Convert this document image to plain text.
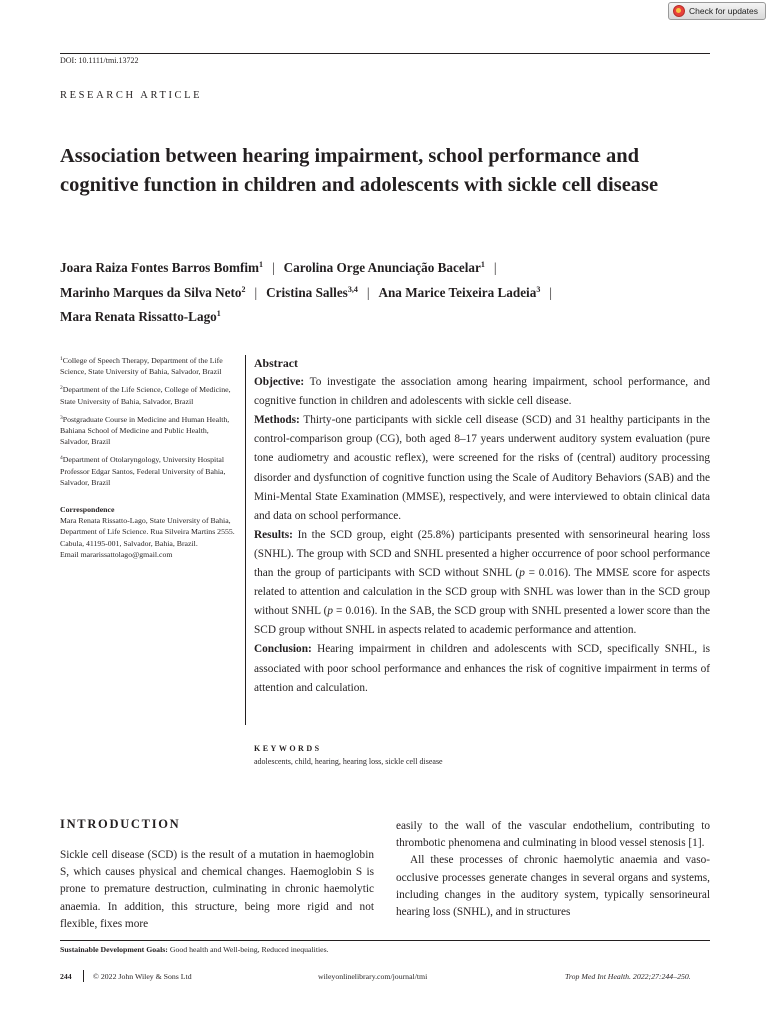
Check for updates
DOI: 10.1111/tmi.13722
RESEARCH ARTICLE
Association between hearing impairment, school performance and cognitive function in children and adolescents with sickle cell disease
Joara Raiza Fontes Barros Bomfim$^1$ | Carolina Orge Anunciação Bacelar$^1$ |
Marinho Marques da Silva Neto$^2$ | Cristina Salles$^{3,4}$ | Ana Marice Teixeira Ladeia$^3$ |
Mara Renata Rissatto-Lago$^1$

$^1$College of Speech Therapy, Department of the Life Science, State University of Bahia, Salvador, Brazil

$^2$Department of the Life Science, College of Medicine, State University of Bahia, Salvador, Brazil

$^3$Postgraduate Course in Medicine and Human Health, Bahiana School of Medicine and Public Health, Salvador, Brazil

$^4$Department of Otolaryngology, University Hospital Professor Edgar Santos, Federal University of Bahia, Salvador, Brazil

Correspondence

Mara Renata Rissatto-Lago, State University of Bahia, Department of Life Science. Rua Silveira Martins 2555. Cabula, 41195-001, Salvador, Bahia, Brazil.
Email mararissattolago@gmail.com

Abstract

Objective: To investigate the association among hearing impairment, school performance, and cognitive function in children and adolescents with sickle cell disease.

Methods: Thirty-one participants with sickle cell disease (SCD) and 31 healthy participants in the control-comparison group (CG), both aged 8–17 years underwent auditory system evaluation (pure tone audiometry and acoustic reflex), were screened for the risks of (central) auditory processing disorder and dysfunction of cognitive function using the Scale of Auditory Behaviors (SAB) and the Mini-Mental State Examination (MMSE), respectively, and were interviewed to obtain clinical data and data on school performance.

Results: In the SCD group, eight (25.8%) participants presented with sensorineural hearing loss (SNHL). The group with SCD and SNHL presented a higher occurrence of poor school performance than the group of participants with SCD without SNHL (p = 0.016). The MMSE score for aspects related to attention and calculation in the SCD group with SNHL was lower than in the SCD group without SNHL (p = 0.016). In the SAB, the SCD group with SNHL presented a lower score than the SCD group without SNHL in aspects related to academic performance and attention.

Conclusion: Hearing impairment in children and adolescents with SCD, specifically SNHL, is associated with poor school performance and enhances the risk of cognitive impairment in terms of attention and calculation.

KEYWORDS
adolescents, child, hearing, hearing loss, sickle cell disease
INTRODUCTION

Sickle cell disease (SCD) is the result of a mutation in haemoglobin S, which causes physical and chemical changes. Haemoglobin S is prone to premature destruction, culminating in chronic haemolytic anaemia. In addition, this structure, being more rigid and not flexible, fixes more

easily to the wall of the vascular endothelium, contributing to thrombotic phenomena and culminating in blood vessel stenosis [1].

All these processes of chronic haemolytic anaemia and vaso-occlusive processes generate changes in several organs and systems, including changes in the auditory system, typically sensorineural hearing loss (SNHL), and in structures

Sustainable Development Goals: Good health and Well-being, Reduced inequalities.
244	© 2022 John Wiley & Sons Ltd	wileyonlinelibrary.com/journal/tmi	Trop Med Int Health. 2022;27:244–250.
